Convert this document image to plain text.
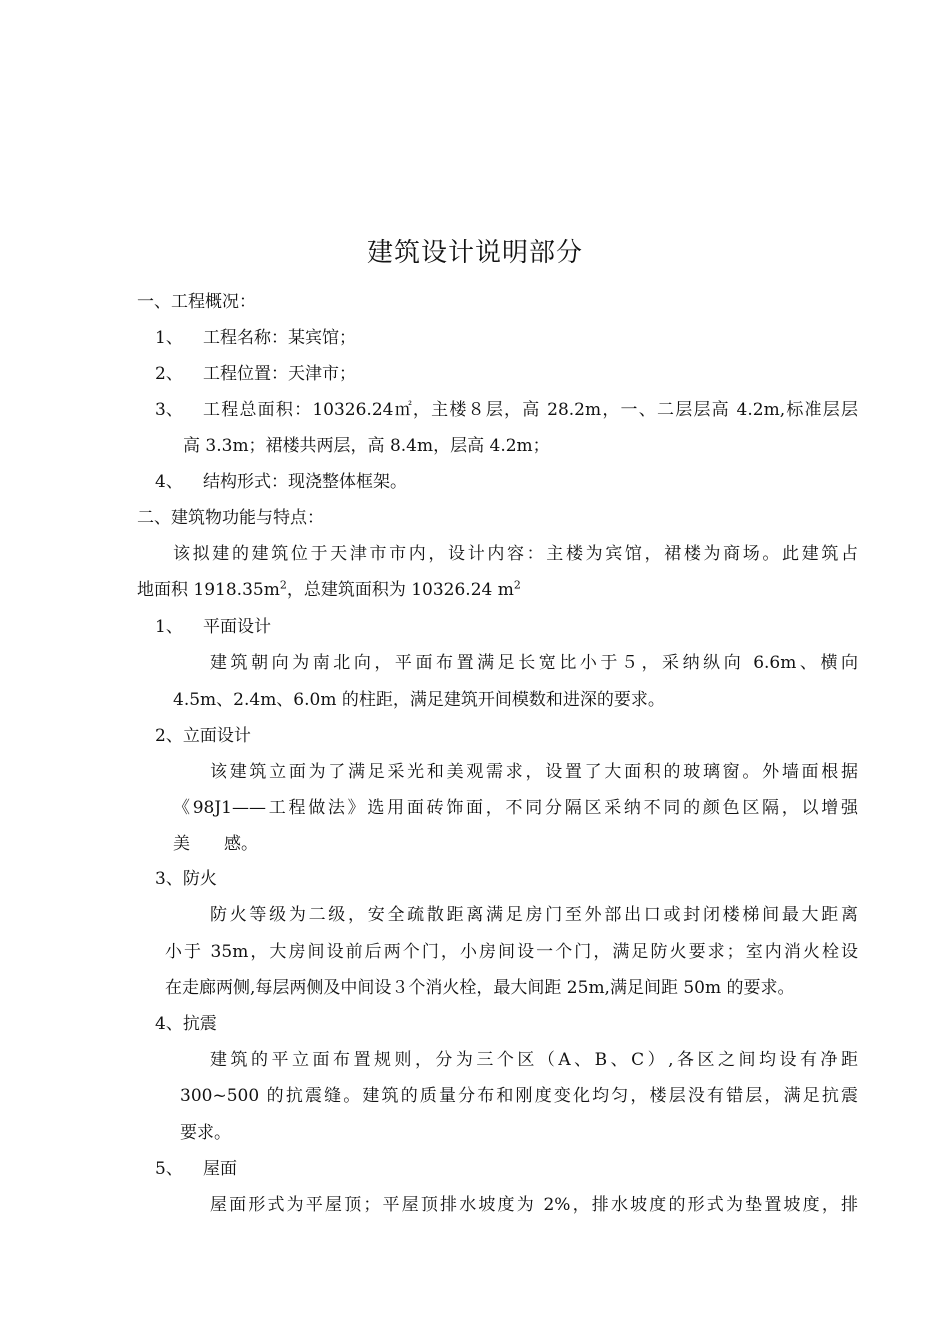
建筑设计说明部分
一、工程概况：
1、 工程名称：某宾馆；
2、 工程位置：天津市；
3、 工程总面积：10326.24㎡，主楼８层，高 28.2m，一、二层层高 4.2m,标准层层
高 3.3m；裙楼共两层，高 8.4m，层高 4.2m；
4、 结构形式：现浇整体框架。
二、建筑物功能与特点：
该拟建的建筑位于天津市市内，设计内容：主楼为宾馆，裙楼为商场。此建筑占
地面积 $1918.35m^2$，总建筑面积为 10326.24 $m^2$
1、 平面设计
建筑朝向为南北向，平面布置满足长宽比小于５，采纳纵向 6.6m、横向
4.5m、2.4m、6.0m 的柱距，满足建筑开间模数和进深的要求。
2、立面设计
该建筑立面为了满足采光和美观需求，设置了大面积的玻璃窗。外墙面根据
《98J1——工程做法》选用面砖饰面，不同分隔区采纳不同的颜色区隔，以增强
美　　感。
3、防火
防火等级为二级，安全疏散距离满足房门至外部出口或封闭楼梯间最大距离
小于 35m，大房间设前后两个门，小房间设一个门，满足防火要求；室内消火栓设
在走廊两侧,每层两侧及中间设３个消火栓，最大间距 25m,满足间距 50m 的要求。
4、抗震
建筑的平立面布置规则，分为三个区（A、B、C）,各区之间均设有净距
300~500 的抗震缝。建筑的质量分布和刚度变化均匀，楼层没有错层，满足抗震
要求。
5、 屋面
屋面形式为平屋顶；平屋顶排水坡度为 2%，排水坡度的形式为垫置坡度，排
